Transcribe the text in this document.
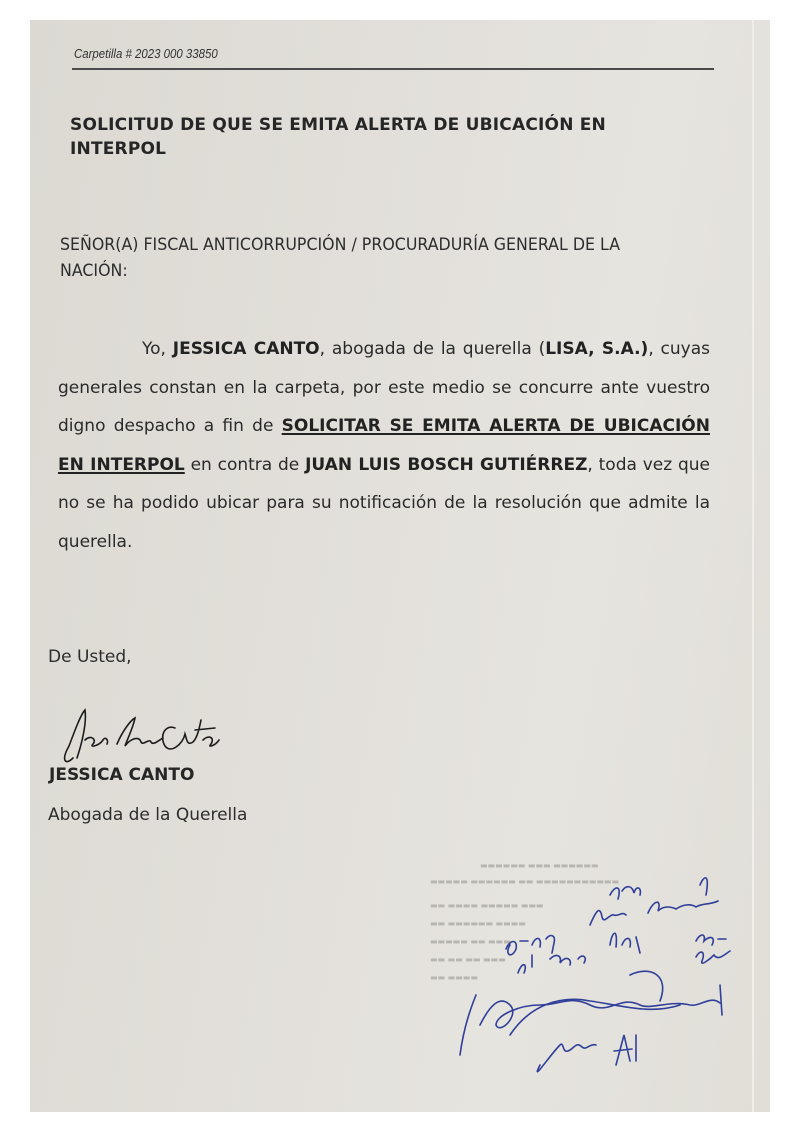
Carpetilla # 2023 000 33850
SOLICITUD DE QUE SE EMITA ALERTA DE UBICACIÓN EN INTERPOL
SEÑOR(A) FISCAL ANTICORRUPCIÓN / PROCURADURÍA GENERAL DE LA NACIÓN:
Yo, JESSICA CANTO, abogada de la querella (LISA, S.A.), cuyas generales constan en la carpeta, por este medio se concurre ante vuestro digno despacho a fin de SOLICITAR SE EMITA ALERTA DE UBICACIÓN EN INTERPOL en contra de JUAN LUIS BOSCH GUTIÉRREZ, toda vez que no se ha podido ubicar para su notificación de la resolución que admite la querella.
De Usted,
JESSICA CANTO
Abogada de la Querella
▬▬▬▬▬▬ ▬▬▬ ▬▬▬▬▬▬
▬▬▬▬▬ ▬▬▬▬▬▬ ▬▬ ▬▬▬▬▬▬▬▬▬▬▬
▬▬ ▬▬▬▬ ▬▬▬▬▬ ▬▬▬
▬▬ ▬▬▬▬▬▬ ▬▬▬▬
▬▬▬▬▬ ▬▬ ▬▬▬
▬▬ ▬▬ ▬▬ ▬▬▬
▬▬ ▬▬▬▬
